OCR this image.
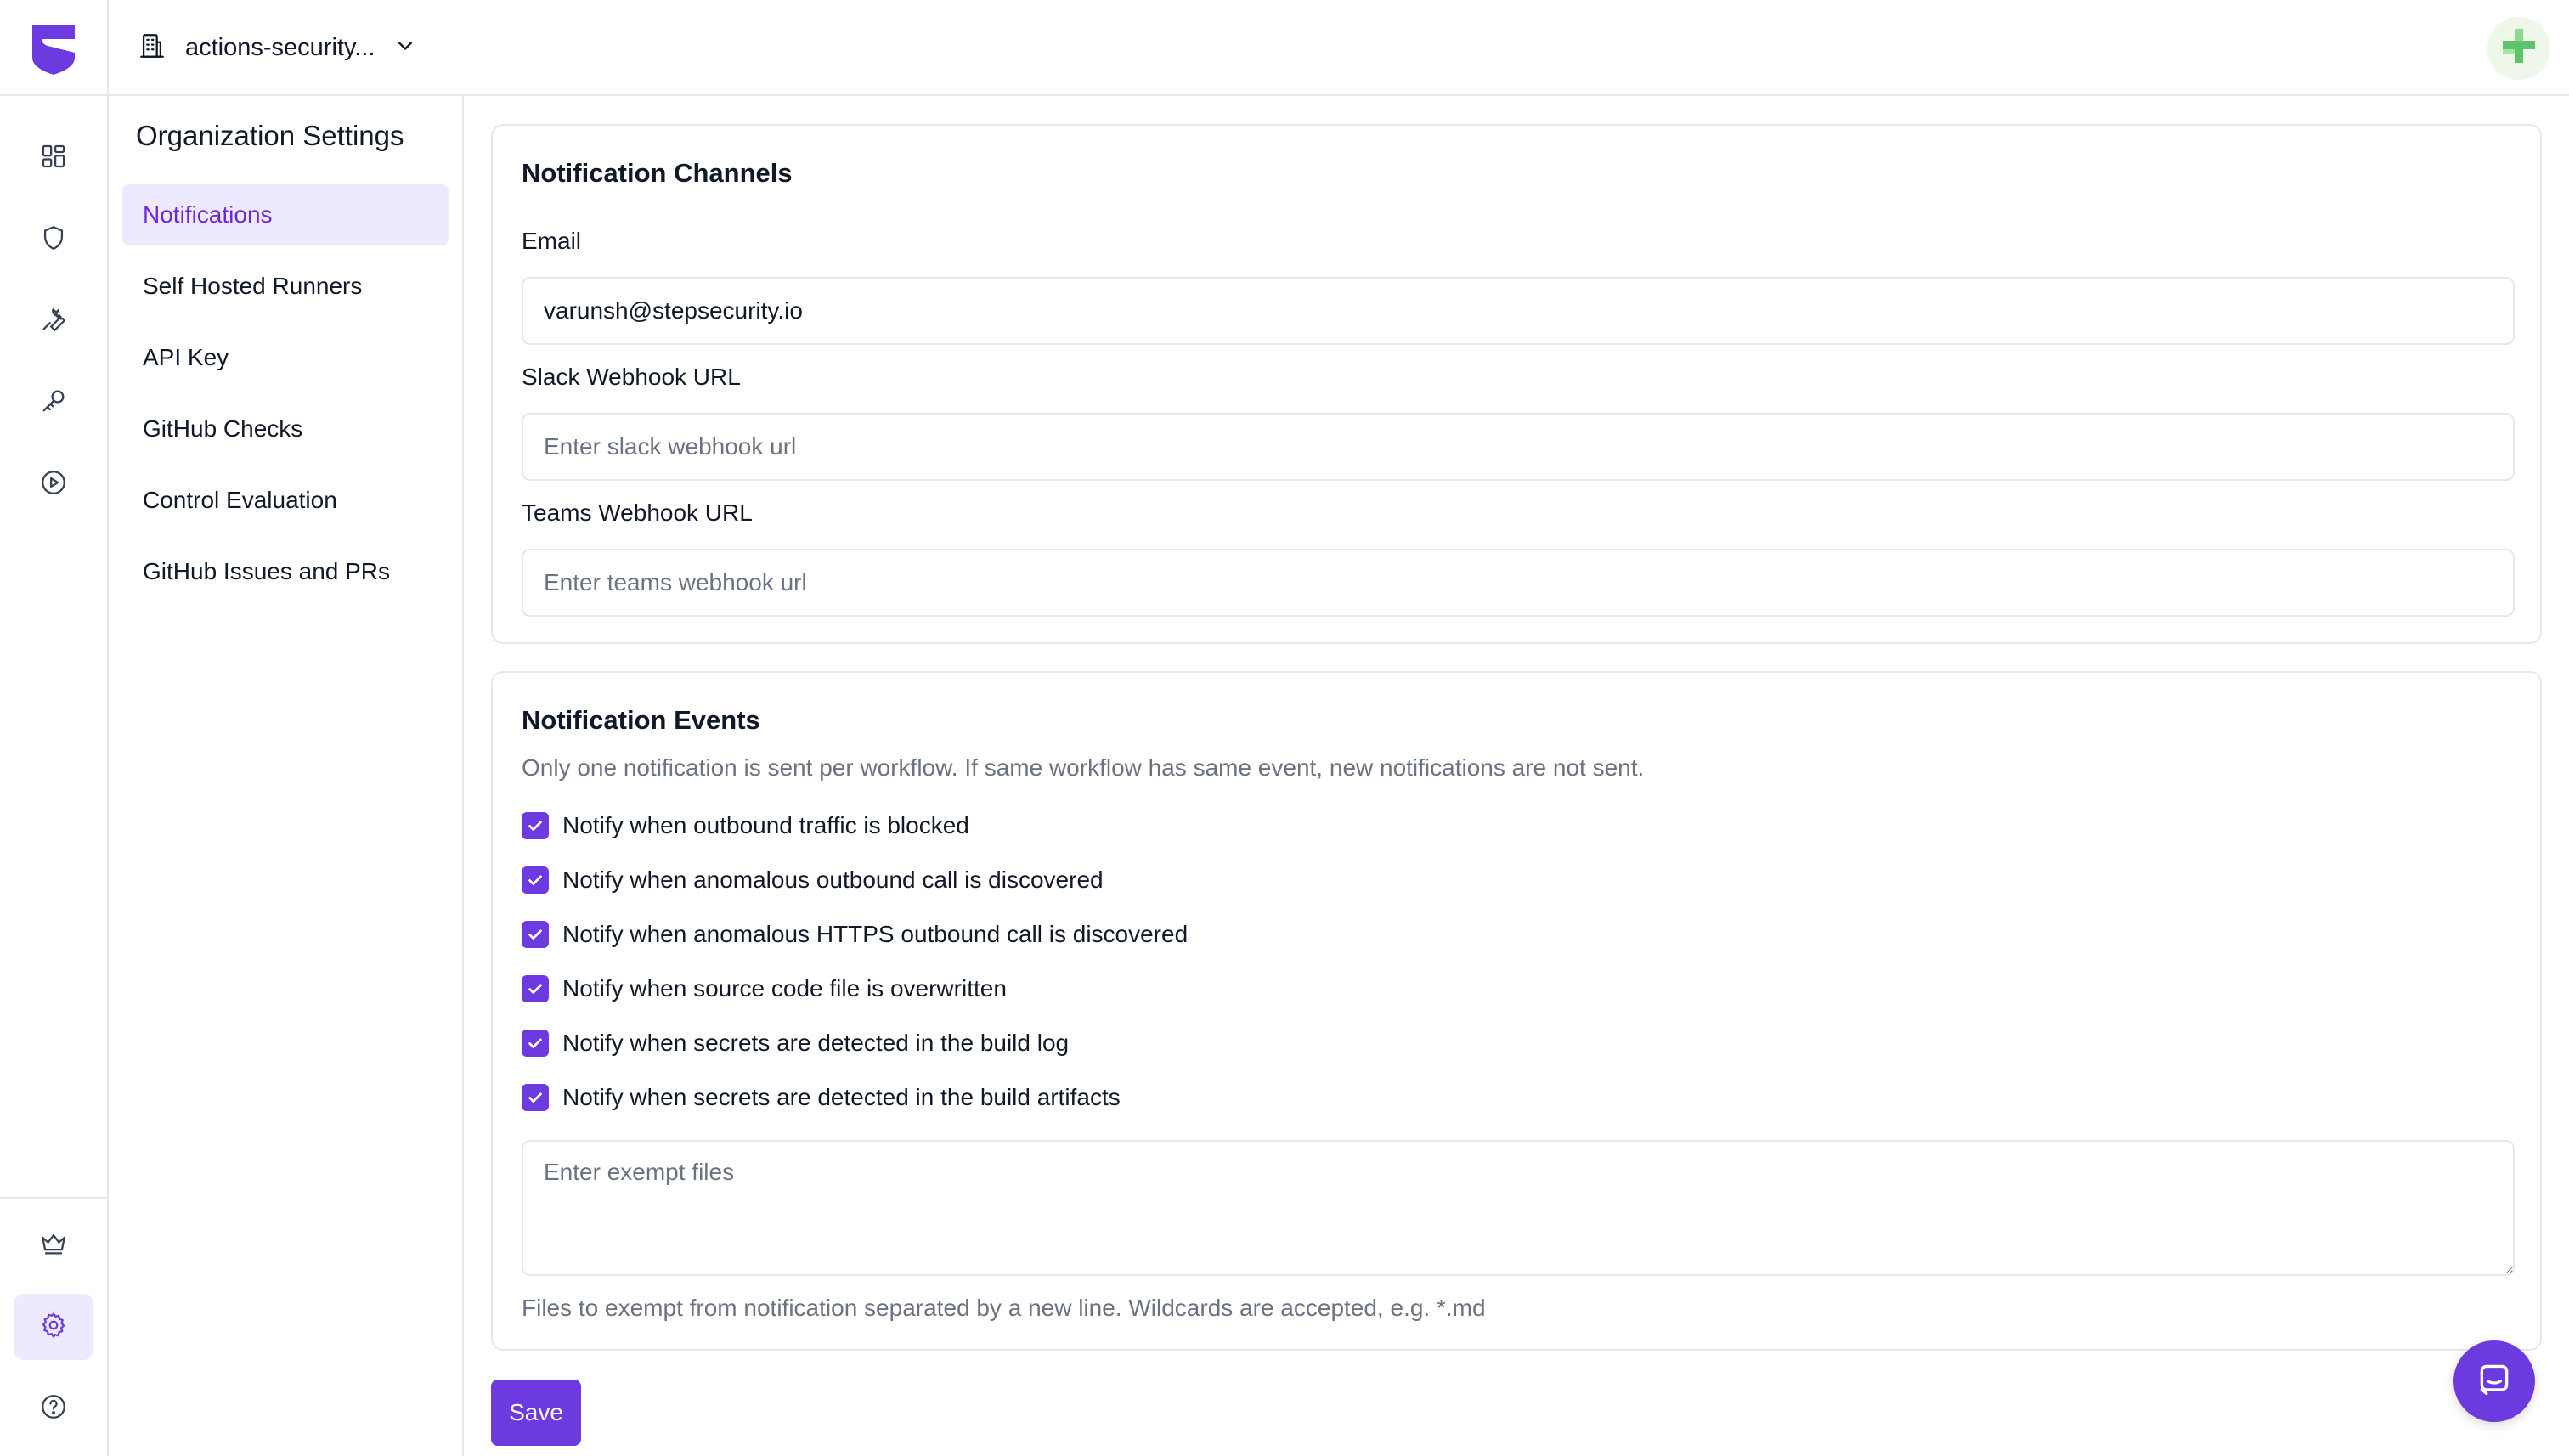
actions-security...
Organization Settings
Notifications
Self Hosted Runners
API Key
GitHub Checks
Control Evaluation
GitHub Issues and PRs
Notification Channels
Email
varunsh@stepsecurity.io
Slack Webhook URL
Enter slack webhook url
Teams Webhook URL
Enter teams webhook url
Notification Events
Only one notification is sent per workflow. If same workflow has same event, new notifications are not sent.
Notify when outbound traffic is blocked
Notify when anomalous outbound call is discovered
Notify when anomalous HTTPS outbound call is discovered
Notify when source code file is overwritten
Notify when secrets are detected in the build log
Notify when secrets are detected in the build artifacts
Enter exempt files
Files to exempt from notification separated by a new line. Wildcards are accepted, e.g. *.md
Save
